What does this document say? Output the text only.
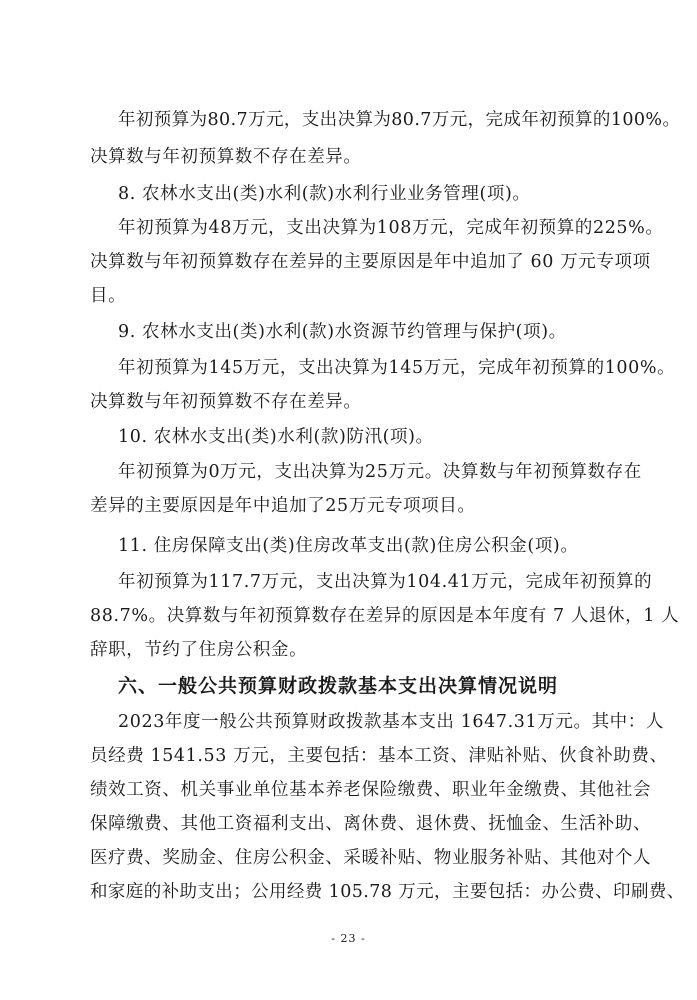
年初预算为80.7万元，支出决算为80.7万元，完成年初预算的100%。
决算数与年初预算数不存在差异。
8. 农林水支出(类)水利(款)水利行业业务管理(项)。
年初预算为48万元，支出决算为108万元，完成年初预算的225%。
决算数与年初预算数存在差异的主要原因是年中追加了 60 万元专项项
目。
9. 农林水支出(类)水利(款)水资源节约管理与保护(项)。
年初预算为145万元，支出决算为145万元，完成年初预算的100%。
决算数与年初预算数不存在差异。
10. 农林水支出(类)水利(款)防汛(项)。
年初预算为0万元，支出决算为25万元。决算数与年初预算数存在
差异的主要原因是年中追加了25万元专项项目。
11. 住房保障支出(类)住房改革支出(款)住房公积金(项)。
年初预算为117.7万元，支出决算为104.41万元，完成年初预算的
88.7%。决算数与年初预算数存在差异的原因是本年度有 7 人退休，1 人
辞职，节约了住房公积金。
六、一般公共预算财政拨款基本支出决算情况说明
2023年度一般公共预算财政拨款基本支出 1647.31万元。其中：人
员经费 1541.53 万元，主要包括：基本工资、津贴补贴、伙食补助费、
绩效工资、机关事业单位基本养老保险缴费、职业年金缴费、其他社会
保障缴费、其他工资福利支出、离休费、退休费、抚恤金、生活补助、
医疗费、奖励金、住房公积金、采暖补贴、物业服务补贴、其他对个人
和家庭的补助支出；公用经费 105.78 万元，主要包括：办公费、印刷费、
- 23 -
